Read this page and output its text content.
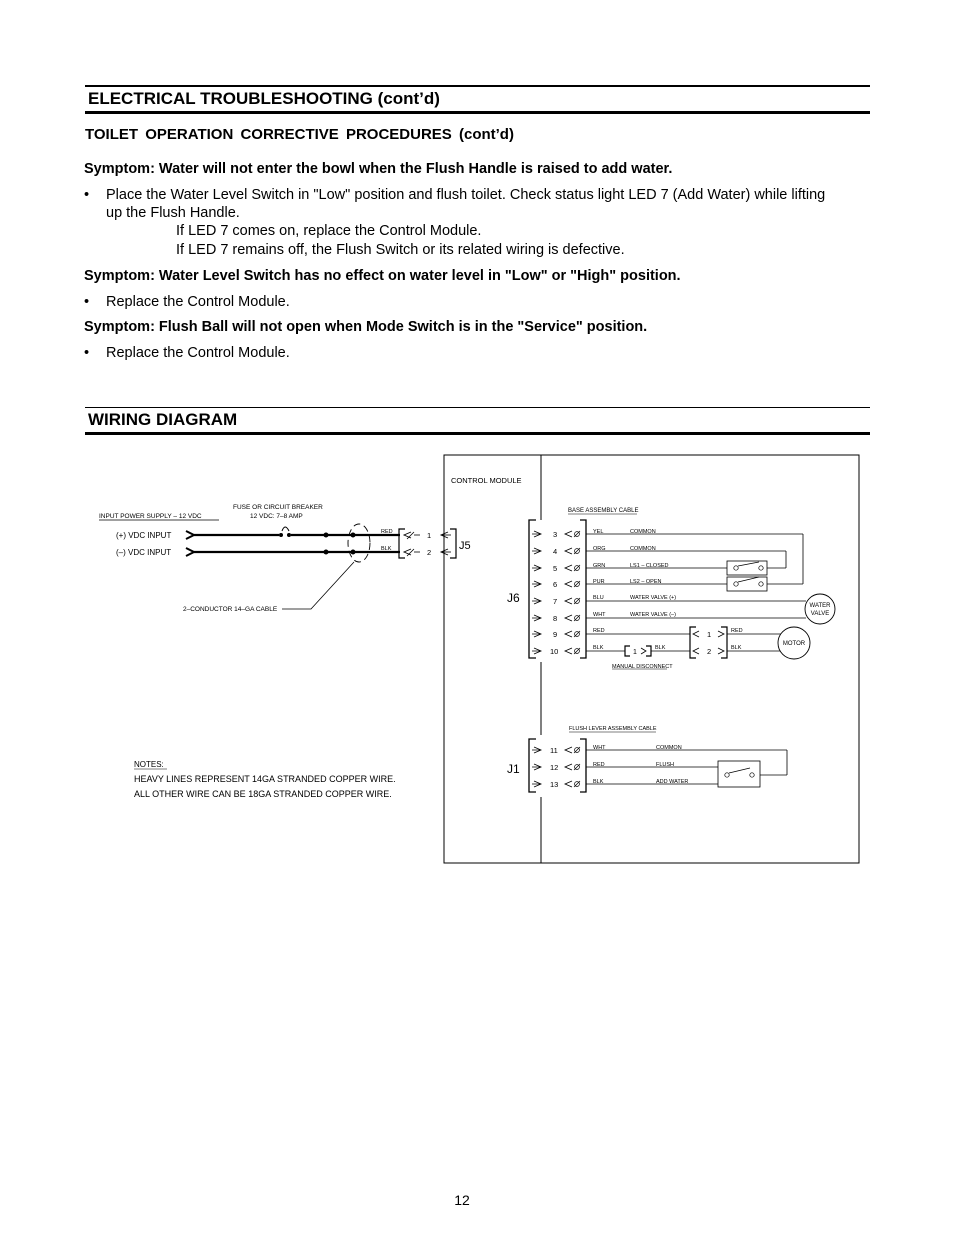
ELECTRICAL TROUBLESHOOTING (cont’d)
TOILET OPERATION CORRECTIVE PROCEDURES (cont’d)
Symptom: Water will not enter the bowl when the Flush Handle is raised to add water.
• Place the Water Level Switch in "Low" position and flush toilet. Check status light LED 7 (Add Water) while lifting up the Flush Handle.
If LED 7 comes on, replace the Control Module.
If LED 7 remains off, the Flush Switch or its related wiring is defective.
Symptom: Water Level Switch has no effect on water level in "Low" or "High" position.
• Replace the Control Module.
Symptom: Flush Ball will not open when Mode Switch is in the "Service" position.
• Replace the Control Module.
WIRING DIAGRAM
CONTROL MODULE
INPUT POWER SUPPLY – 12 VDC
FUSE OR CIRCUIT BREAKER
12 VDC: 7–8 AMP
(+) VDC INPUT
(–) VDC INPUT
2–CONDUCTOR 14–GA CABLE
RED
BLK
1
2
J5
J6
BASE ASSEMBLY CABLE
3	YEL	COMMON
4	ORG	COMMON
5	GRN	LS1 – CLOSED
6	PUR	LS2 – OPEN
7	BLU	WATER VALVE (+)
8	WHT	WATER VALVE (–)
9	RED
10	BLK
WATER
VALVE
1
BLK
MANUAL DISCONNECT
1
2
RED
BLK
MOTOR
J1
FLUSH LEVER ASSEMBLY CABLE
11	WHT	COMMON
12	RED	FLUSH
13	BLK	ADD WATER
NOTES:
HEAVY LINES REPRESENT 14GA STRANDED COPPER WIRE.
ALL OTHER WIRE CAN BE 18GA STRANDED COPPER WIRE.
12
